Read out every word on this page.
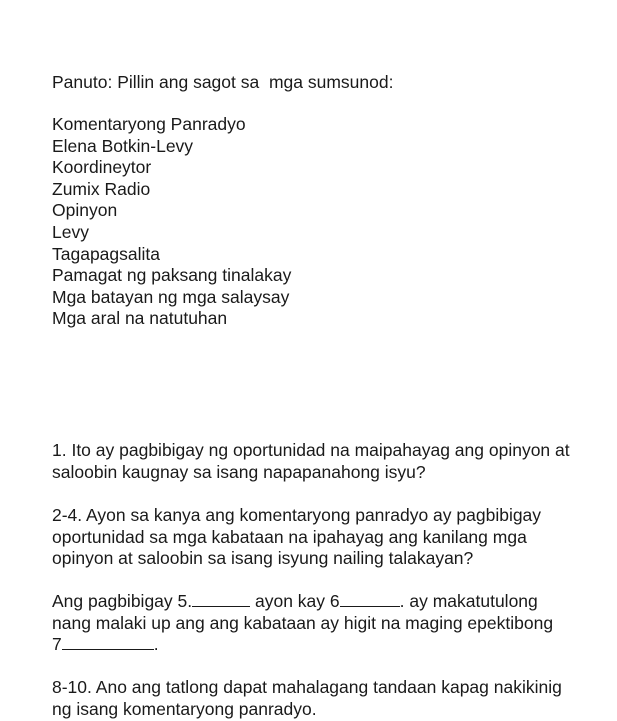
Panuto: Pillin ang sagot sa  mga sumsunod:
Komentaryong Panradyo
Elena Botkin-Levy
Koordineytor
Zumix Radio
Opinyon
Levy
Tagapagsalita
Pamagat ng paksang tinalakay
Mga batayan ng mga salaysay
Mga aral na natutuhan
1. Ito ay pagbibigay ng oportunidad na maipahayag ang opinyon at
saloobin kaugnay sa isang napapanahong isyu?
2-4. Ayon sa kanya ang komentaryong panradyo ay pagbibigay
oportunidad sa mga kabataan na ipahayag ang kanilang mga
opinyon at saloobin sa isang isyung nailing talakayan?
Ang pagbibigay 5.	ayon kay 6	. ay makatutulong
nang malaki up ang ang kabataan ay higit na maging epektibong
7	.
8-10. Ano ang tatlong dapat mahalagang tandaan kapag nakikinig
ng isang komentaryong panradyo.
